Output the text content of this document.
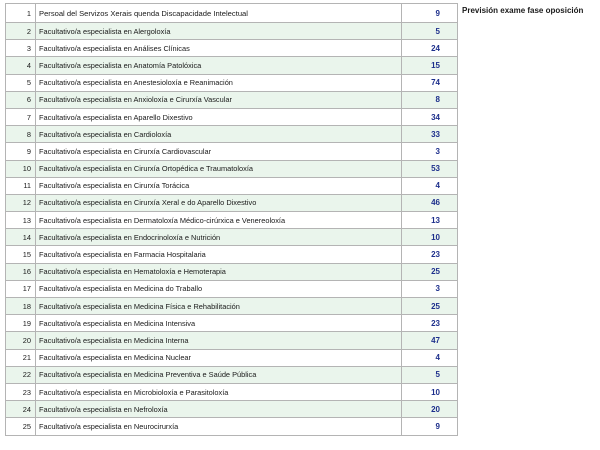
1	Persoal del Servizos Xerais quenda Discapacidade Intelectual	9
2	Facultativo/a especialista en Alergoloxía	5
3	Facultativo/a especialista en Análises Clínicas	24
4	Facultativo/a especialista en Anatomía Patolóxica	15
5	Facultativo/a especialista en Anestesioloxía e Reanimación	74
6	Facultativo/a especialista en Anxioloxía e Cirurxía Vascular	8
7	Facultativo/a especialista en Aparello Dixestivo	34
8	Facultativo/a especialista en Cardioloxía	33
9	Facultativo/a especialista en Cirurxía Cardiovascular	3
10	Facultativo/a especialista en Cirurxía Ortopédica e Traumatoloxía	53
11	Facultativo/a especialista en Cirurxía Torácica	4
12	Facultativo/a especialista en Cirurxía Xeral e do Aparello Dixestivo	46
13	Facultativo/a especialista en Dermatoloxía Médico-cirúrxica e Venereoloxía	13
14	Facultativo/a especialista en Endocrinoloxía e Nutrición	10
15	Facultativo/a especialista en Farmacia Hospitalaria	23
16	Facultativo/a especialista en Hematoloxía e Hemoterapia	25
17	Facultativo/a especialista en Medicina do Traballo	3
18	Facultativo/a especialista en Medicina Física e Rehabilitación	25
19	Facultativo/a especialista en Medicina Intensiva	23
20	Facultativo/a especialista en Medicina Interna	47
21	Facultativo/a especialista en Medicina Nuclear	4
22	Facultativo/a especialista en Medicina Preventiva e Saúde Pública	5
23	Facultativo/a especialista en Microbioloxía e Parasitoloxía	10
24	Facultativo/a especialista en Nefroloxía	20
25	Facultativo/a especialista en Neurocirurxía	9
Previsión exame fase oposición
